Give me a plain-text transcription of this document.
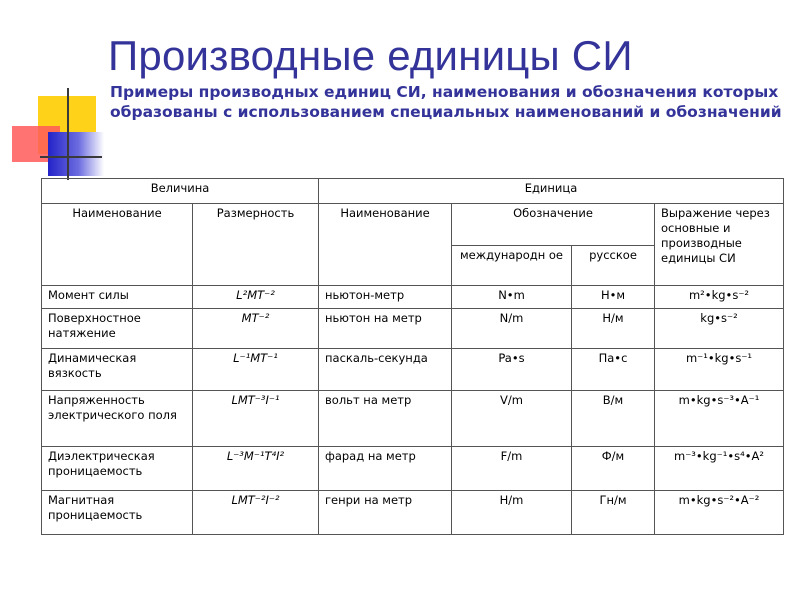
Производные единицы СИ

Примеры производных единиц СИ, наименования и обозначения которых образованы с использованием специальных наименований и обозначений

Величина		Единица			
Наименование	Размерность	Наименование	Обозначение		Выражение через основные и производные единицы СИ
			международн ое	русское	
Момент силы	L²MT⁻²	ньютон-метр	N•m	Н•м	m²•kg•s⁻²
Поверхностное натяжение	MT⁻²	ньютон на метр	N/m	Н/м	kg•s⁻²
Динамическая вязкость	L⁻¹MT⁻¹	паскаль-секунда	Pa•s	Па•с	m⁻¹•kg•s⁻¹
Напряженность электрического поля	LMT⁻³I⁻¹	вольт на метр	V/m	В/м	m•kg•s⁻³•A⁻¹
Диэлектрическая проницаемость	L⁻³M⁻¹T⁴I²	фарад на метр	F/m	Ф/м	m⁻³•kg⁻¹•s⁴•A²
Магнитная проницаемость	LMT⁻²I⁻²	генри на метр	H/m	Гн/м	m•kg•s⁻²•A⁻²
